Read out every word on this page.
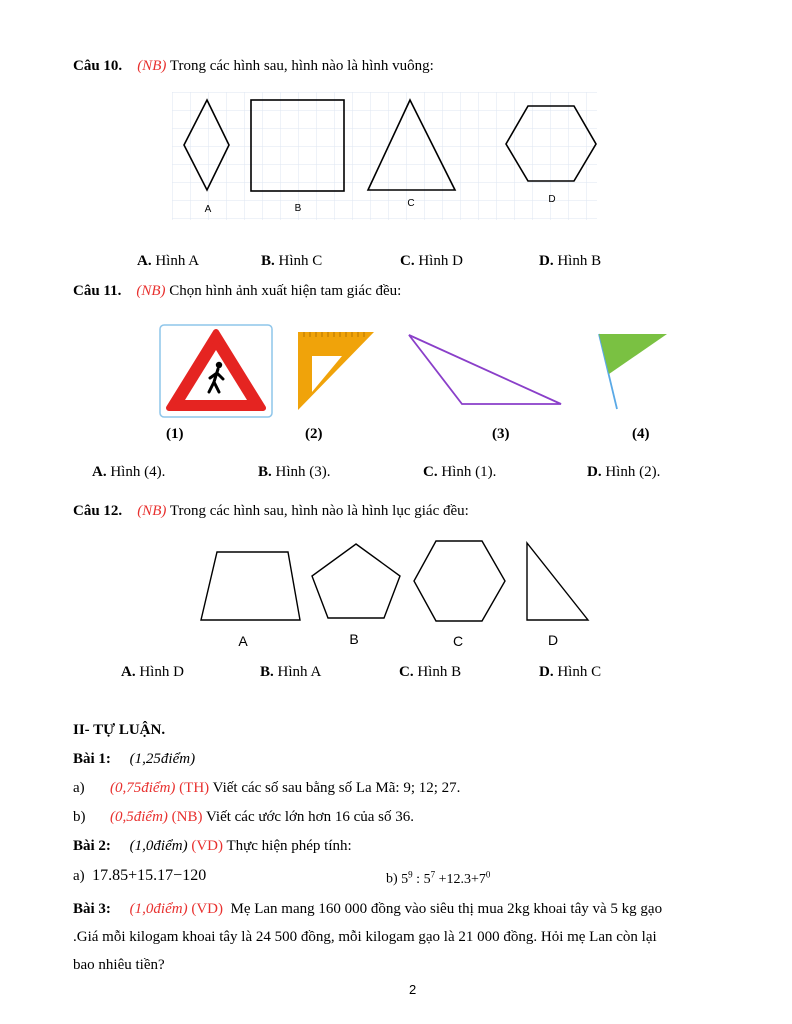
Câu 10. (NB) Trong các hình sau, hình nào là hình vuông:
A	B	C	D
A. Hình A	B. Hình C	C. Hình D	D. Hình B
Câu 11. (NB) Chọn hình ảnh xuất hiện tam giác đều:
(1)	(2)	(3)	(4)
A. Hình (4).	B. Hình (3).	C. Hình (1).	D. Hình (2).
Câu 12. (NB) Trong các hình sau, hình nào là hình lục giác đều:
A	B	C	D
A. Hình D	B. Hình A	C. Hình B	D. Hình C
II- TỰ LUẬN.
Bài 1: (1,25điểm)
a) (0,75điểm) (TH) Viết các số sau bằng số La Mã: 9; 12; 27.
b) (0,5điểm) (NB) Viết các ước lớn hơn 16 của số 36.
Bài 2: (1,0điểm) (VD) Thực hiện phép tính:
a) 17.85+15.17−120	b) $5^9$ : $5^7 +12.3+7^0$
Bài 3: (1,0điểm) (VD) Mẹ Lan mang 160 000 đồng vào siêu thị mua 2kg khoai tây và 5 kg gạo
.Giá mỗi kilogam khoai tây là 24 500 đồng, mỗi kilogam gạo là 21 000 đồng. Hỏi mẹ Lan còn lại
bao nhiêu tiền?
2
